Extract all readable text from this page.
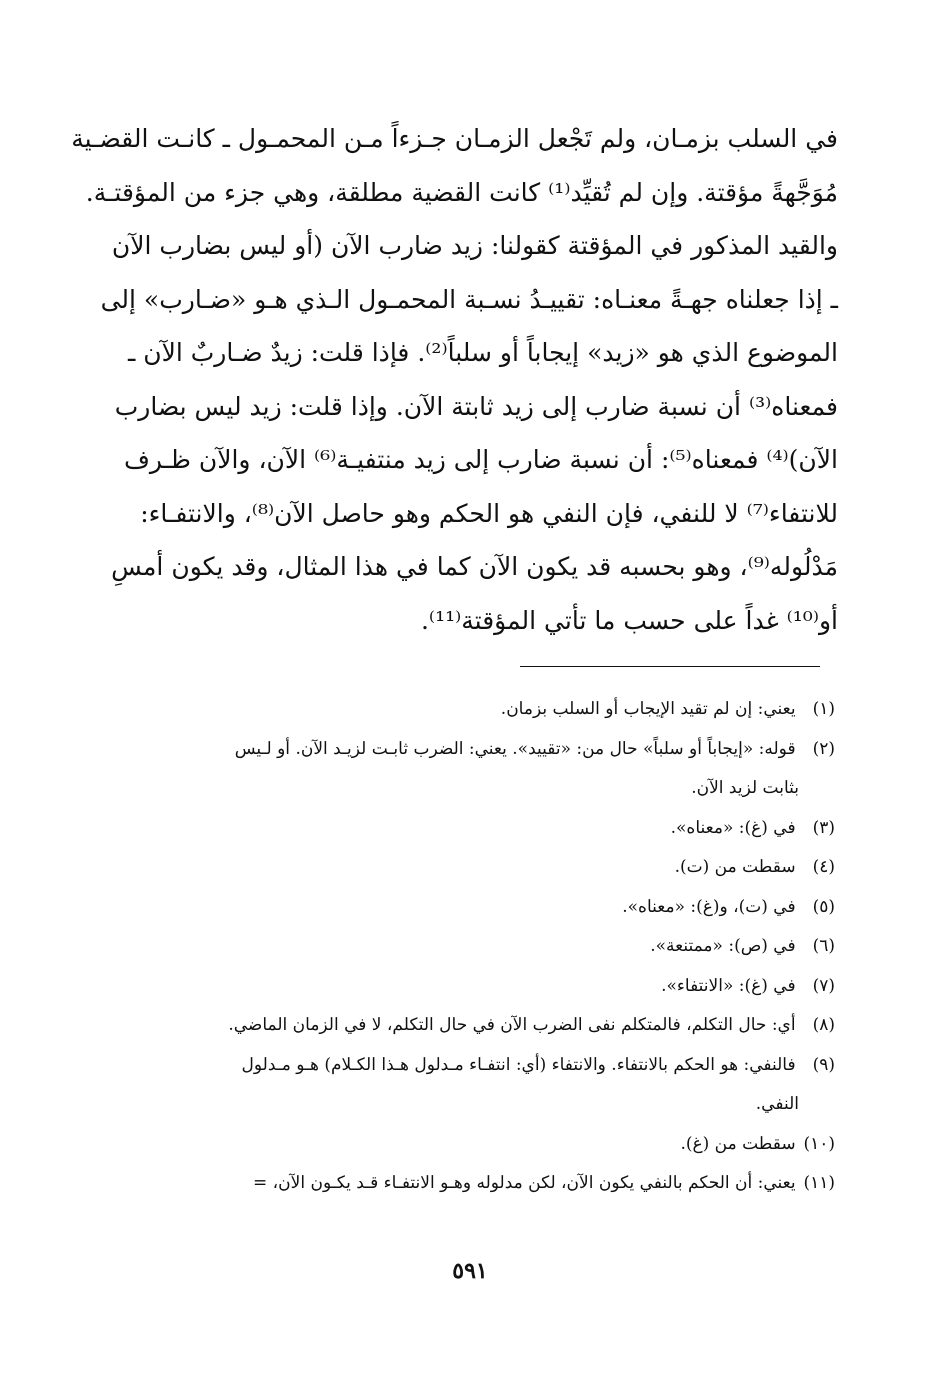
في السلب بزمـان، ولم تَجْعل الزمـان جـزءاً مـن المحمـول ـ كانـت القضـية
مُوَجَّهةً مؤقتة. وإن لم تُقيِّد⁽¹⁾ كانت القضية مطلقة، وهي جزء من المؤقتـة.
والقيد المذكور في المؤقتة كقولنا: زيد ضارب الآن (أو ليس بضارب الآن
ـ إذا جعلناه جهـةً معنـاه: تقييـدُ نسـبة المحمـول الـذي هـو «ضـارب» إلى
الموضوع الذي هو «زيد» إيجاباً أو سلباً⁽²⁾. فإذا قلت: زيدٌ ضـاربٌ الآن ـ
فمعناه⁽³⁾ أن نسبة ضارب إلى زيد ثابتة الآن. وإذا قلت: زيد ليس بضارب
الآن)⁽⁴⁾ فمعناه⁽⁵⁾: أن نسبة ضارب إلى زيد منتفيـة⁽⁶⁾ الآن، والآن ظـرف
للانتفاء⁽⁷⁾ لا للنفي، فإن النفي هو الحكم وهو حاصل الآن⁽⁸⁾، والانتفـاء:
مَدْلُوله⁽⁹⁾، وهو بحسبه قد يكون الآن كما في هذا المثال، وقد يكون أمسِ
أو⁽¹⁰⁾ غداً على حسب ما تأتي المؤقتة⁽¹¹⁾.
(١) يعني: إن لم تقيد الإيجاب أو السلب بزمان.
(٢) قوله: «إيجاباً أو سلباً» حال من: «تقييد». يعني: الضرب ثابـت لزيـد الآن. أو لـيس
بثابت لزيد الآن.
(٣) في (غ): «معناه».
(٤) سقطت من (ت).
(٥) في (ت)، و(غ): «معناه».
(٦) في (ص): «ممتنعة».
(٧) في (غ): «الانتفاء».
(٨) أي: حال التكلم، فالمتكلم نفى الضرب الآن في حال التكلم، لا في الزمان الماضي.
(٩) فالنفي: هو الحكم بالانتفاء. والانتفاء (أي: انتفـاء مـدلول هـذا الكـلام) هـو مـدلول
النفي.
(١٠) سقطت من (غ).
(١١) يعني: أن الحكم بالنفي يكون الآن، لكن مدلوله وهـو الانتفـاء قـد يكـون الآن، =
٥٩١
